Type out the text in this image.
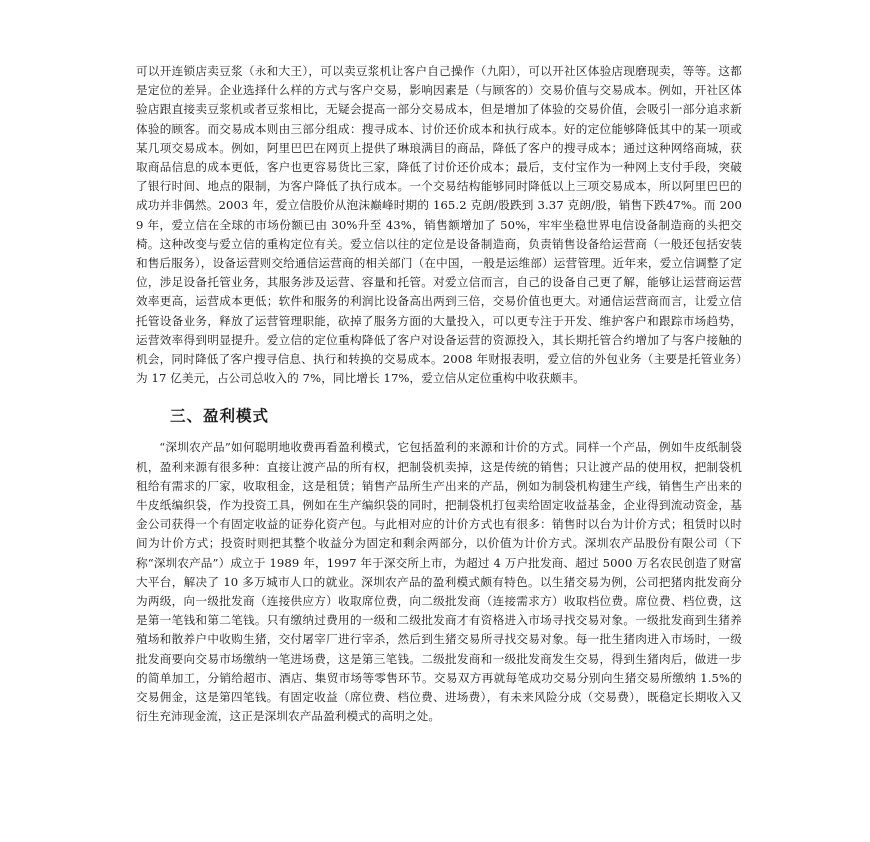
可以开连锁店卖豆浆（永和大王），可以卖豆浆机让客户自己操作（九阳），可以开社区体验店现磨现卖，等等。这都是定位的差异。企业选择什么样的方式与客户交易，影响因素是（与顾客的）交易价值与交易成本。例如，开社区体验店跟直接卖豆浆机或者豆浆相比，无疑会提高一部分交易成本，但是增加了体验的交易价值，会吸引一部分追求新体验的顾客。而交易成本则由三部分组成：搜寻成本、讨价还价成本和执行成本。好的定位能够降低其中的某一项或某几项交易成本。例如，阿里巴巴在网页上提供了琳琅满目的商品，降低了客户的搜寻成本；通过这种网络商城，获取商品信息的成本更低，客户也更容易货比三家，降低了讨价还价成本；最后，支付宝作为一种网上支付手段，突破了银行时间、地点的限制，为客户降低了执行成本。一个交易结构能够同时降低以上三项交易成本，所以阿里巴巴的成功并非偶然。2003 年，爱立信股价从泡沫巅峰时期的 165.2 克朗/股跌到 3.37 克朗/股，销售下跌47%。而 2009 年，爱立信在全球的市场份额已由 30%升至 43%，销售额增加了 50%，牢牢坐稳世界电信设备制造商的头把交椅。这种改变与爱立信的重构定位有关。爱立信以往的定位是设备制造商，负责销售设备给运营商（一般还包括安装和售后服务），设备运营则交给通信运营商的相关部门（在中国，一般是运维部）运营管理。近年来，爱立信调整了定位，涉足设备托管业务，其服务涉及运营、容量和托管。对爱立信而言，自己的设备自己更了解，能够让运营商运营效率更高，运营成本更低；软件和服务的利润比设备高出两到三倍，交易价值也更大。对通信运营商而言，让爱立信托管设备业务，释放了运营管理职能，砍掉了服务方面的大量投入，可以更专注于开发、维护客户和跟踪市场趋势，运营效率得到明显提升。爱立信的定位重构降低了客户对设备运营的资源投入，其长期托管合约增加了与客户接触的机会，同时降低了客户搜寻信息、执行和转换的交易成本。2008 年财报表明，爱立信的外包业务（主要是托管业务）为 17 亿美元，占公司总收入的 7%，同比增长 17%，爱立信从定位重构中收获颇丰。

三、盈利模式

“深圳农产品”如何聪明地收费再看盈利模式，它包括盈利的来源和计价的方式。同样一个产品，例如牛皮纸制袋机，盈利来源有很多种：直接让渡产品的所有权，把制袋机卖掉，这是传统的销售；只让渡产品的使用权，把制袋机租给有需求的厂家，收取租金，这是租赁；销售产品所生产出来的产品，例如为制袋机构建生产线，销售生产出来的牛皮纸编织袋，作为投资工具，例如在生产编织袋的同时，把制袋机打包卖给固定收益基金，企业得到流动资金，基金公司获得一个有固定收益的证券化资产包。与此相对应的计价方式也有很多：销售时以台为计价方式；租赁时以时间为计价方式；投资时则把其整个收益分为固定和剩余两部分，以价值为计价方式。深圳农产品股份有限公司（下称“深圳农产品”）成立于 1989 年，1997 年于深交所上市，为超过 4 万户批发商、超过 5000 万名农民创造了财富大平台，解决了 10 多万城市人口的就业。深圳农产品的盈利模式颇有特色。以生猪交易为例，公司把猪肉批发商分为两级，向一级批发商（连接供应方）收取席位费，向二级批发商（连接需求方）收取档位费。席位费、档位费，这是第一笔钱和第二笔钱。只有缴纳过费用的一级和二级批发商才有资格进入市场寻找交易对象。一级批发商到生猪养殖场和散养户中收购生猪，交付屠宰厂进行宰杀，然后到生猪交易所寻找交易对象。每一批生猪肉进入市场时，一级批发商要向交易市场缴纳一笔进场费，这是第三笔钱。二级批发商和一级批发商发生交易，得到生猪肉后，做进一步的简单加工，分销给超市、酒店、集贸市场等零售环节。交易双方再就每笔成功交易分别向生猪交易所缴纳 1.5%的交易佣金，这是第四笔钱。有固定收益（席位费、档位费、进场费），有未来风险分成（交易费），既稳定长期收入又衍生充沛现金流，这正是深圳农产品盈利模式的高明之处。
